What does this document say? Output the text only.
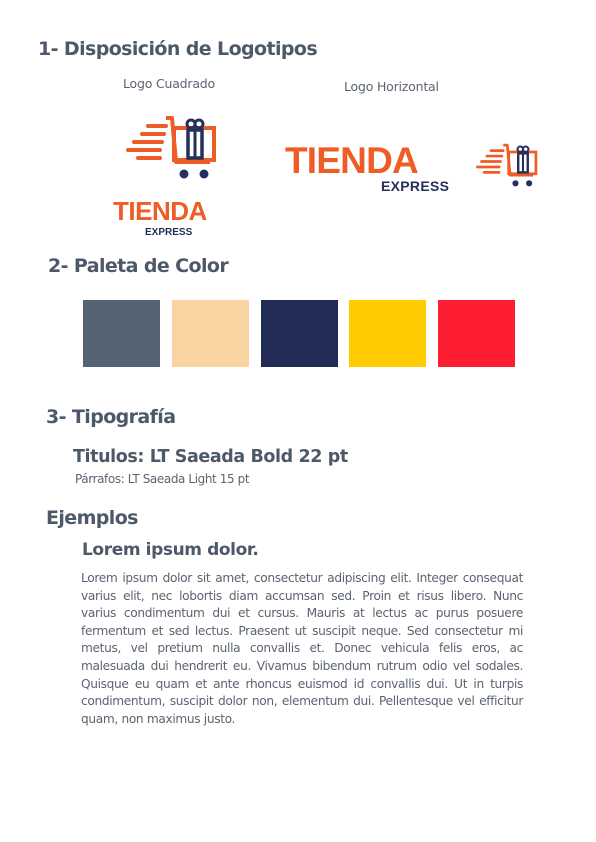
1- Disposición de Logotipos
Logo Cuadrado	Logo Horizontal
TIENDA
EXPRESS
TIENDA
EXPRESS
2- Paleta de Color
3- Tipografía
Titulos: LT Saeada Bold 22 pt
Párrafos: LT Saeada Light 15 pt
Ejemplos
Lorem ipsum dolor.
Lorem ipsum dolor sit amet, consectetur adipiscing elit. Integer consequat varius elit, nec lobortis diam accumsan sed. Proin et risus libero. Nunc varius condimentum dui et cursus. Mauris at lectus ac purus posuere fermentum et sed lectus. Praesent ut suscipit neque. Sed consectetur mi metus, vel pretium nulla convallis et. Donec vehicula felis eros, ac malesuada dui hendrerit eu. Vivamus bibendum rutrum odio vel sodales. Quisque eu quam et ante rhoncus euismod id convallis dui. Ut in turpis condimentum, suscipit dolor non, elementum dui. Pellentesque vel efficitur quam, non maximus justo.
